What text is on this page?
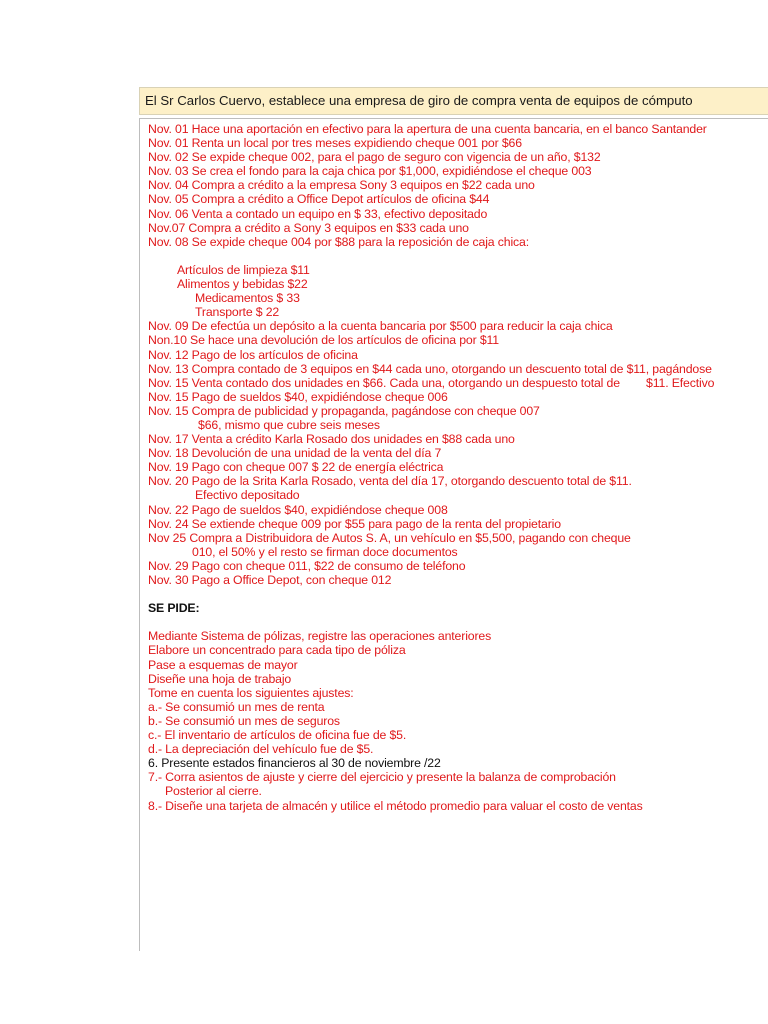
El Sr Carlos Cuervo, establece una empresa de giro de compra venta de equipos de cómputo
Nov. 01 Hace una aportación en efectivo para la apertura de una cuenta bancaria, en el banco Santander
Nov. 01 Renta un local por tres meses expidiendo cheque 001 por $66
Nov. 02 Se expide cheque 002, para el pago de seguro con vigencia de un año, $132
Nov. 03 Se crea el fondo para la caja chica por $1,000, expidiéndose el cheque 003
Nov. 04 Compra a crédito a la empresa Sony 3 equipos en $22 cada uno
Nov. 05 Compra a crédito a Office Depot artículos de oficina $44
Nov. 06 Venta a contado un equipo en $ 33, efectivo depositado
Nov.07 Compra a crédito a Sony 3 equipos en $33 cada uno
Nov. 08 Se expide cheque 004 por $88 para la reposición de caja chica:
Artículos de limpieza $11
Alimentos y bebidas $22
Medicamentos $ 33
Transporte $ 22
Nov. 09 De efectúa un depósito a la cuenta bancaria por $500 para reducir la caja chica
Non.10 Se hace una devolución de los artículos de oficina por $11
Nov. 12 Pago de los artículos de oficina
Nov. 13 Compra contado de 3 equipos en $44 cada uno, otorgando un descuento total de $11, pagándose
Nov. 15 Venta contado dos unidades en $66. Cada una, otorgando un despuesto total de        $11. Efectivo
Nov. 15 Pago de sueldos $40, expidiéndose cheque 006
Nov. 15 Compra de publicidad y propaganda, pagándose con cheque 007
$66, mismo que cubre seis meses
Nov. 17 Venta a crédito Karla Rosado dos unidades en $88 cada uno
Nov. 18 Devolución de una unidad de la venta del día 7
Nov. 19 Pago con cheque 007 $ 22 de energía eléctrica
Nov. 20 Pago de la Srita Karla Rosado, venta del día 17, otorgando descuento total de $11.
Efectivo depositado
Nov. 22 Pago de sueldos $40, expidiéndose cheque 008
Nov. 24 Se extiende cheque 009 por $55 para pago de la renta del propietario
Nov 25 Compra a Distribuidora de Autos S. A, un vehículo en $5,500, pagando con cheque
010, el 50% y el resto se firman doce documentos
Nov. 29 Pago con cheque 011, $22 de consumo de teléfono
Nov. 30 Pago a Office Depot, con cheque 012
SE PIDE:
Mediante Sistema de pólizas, registre las operaciones anteriores
Elabore un concentrado para cada tipo de póliza
Pase a esquemas de mayor
Diseñe una hoja de trabajo
Tome en cuenta los siguientes ajustes:
a.- Se consumió un mes de renta
b.- Se consumió un mes de seguros
c.- El inventario de artículos de oficina fue de $5.
d.- La depreciación del vehículo fue de $5.
6. Presente estados financieros al 30 de noviembre /22
7.- Corra asientos de ajuste y cierre del ejercicio y presente la balanza de comprobación
Posterior al cierre.
8.- Diseñe una tarjeta de almacén y utilice el método promedio para valuar el costo de ventas
